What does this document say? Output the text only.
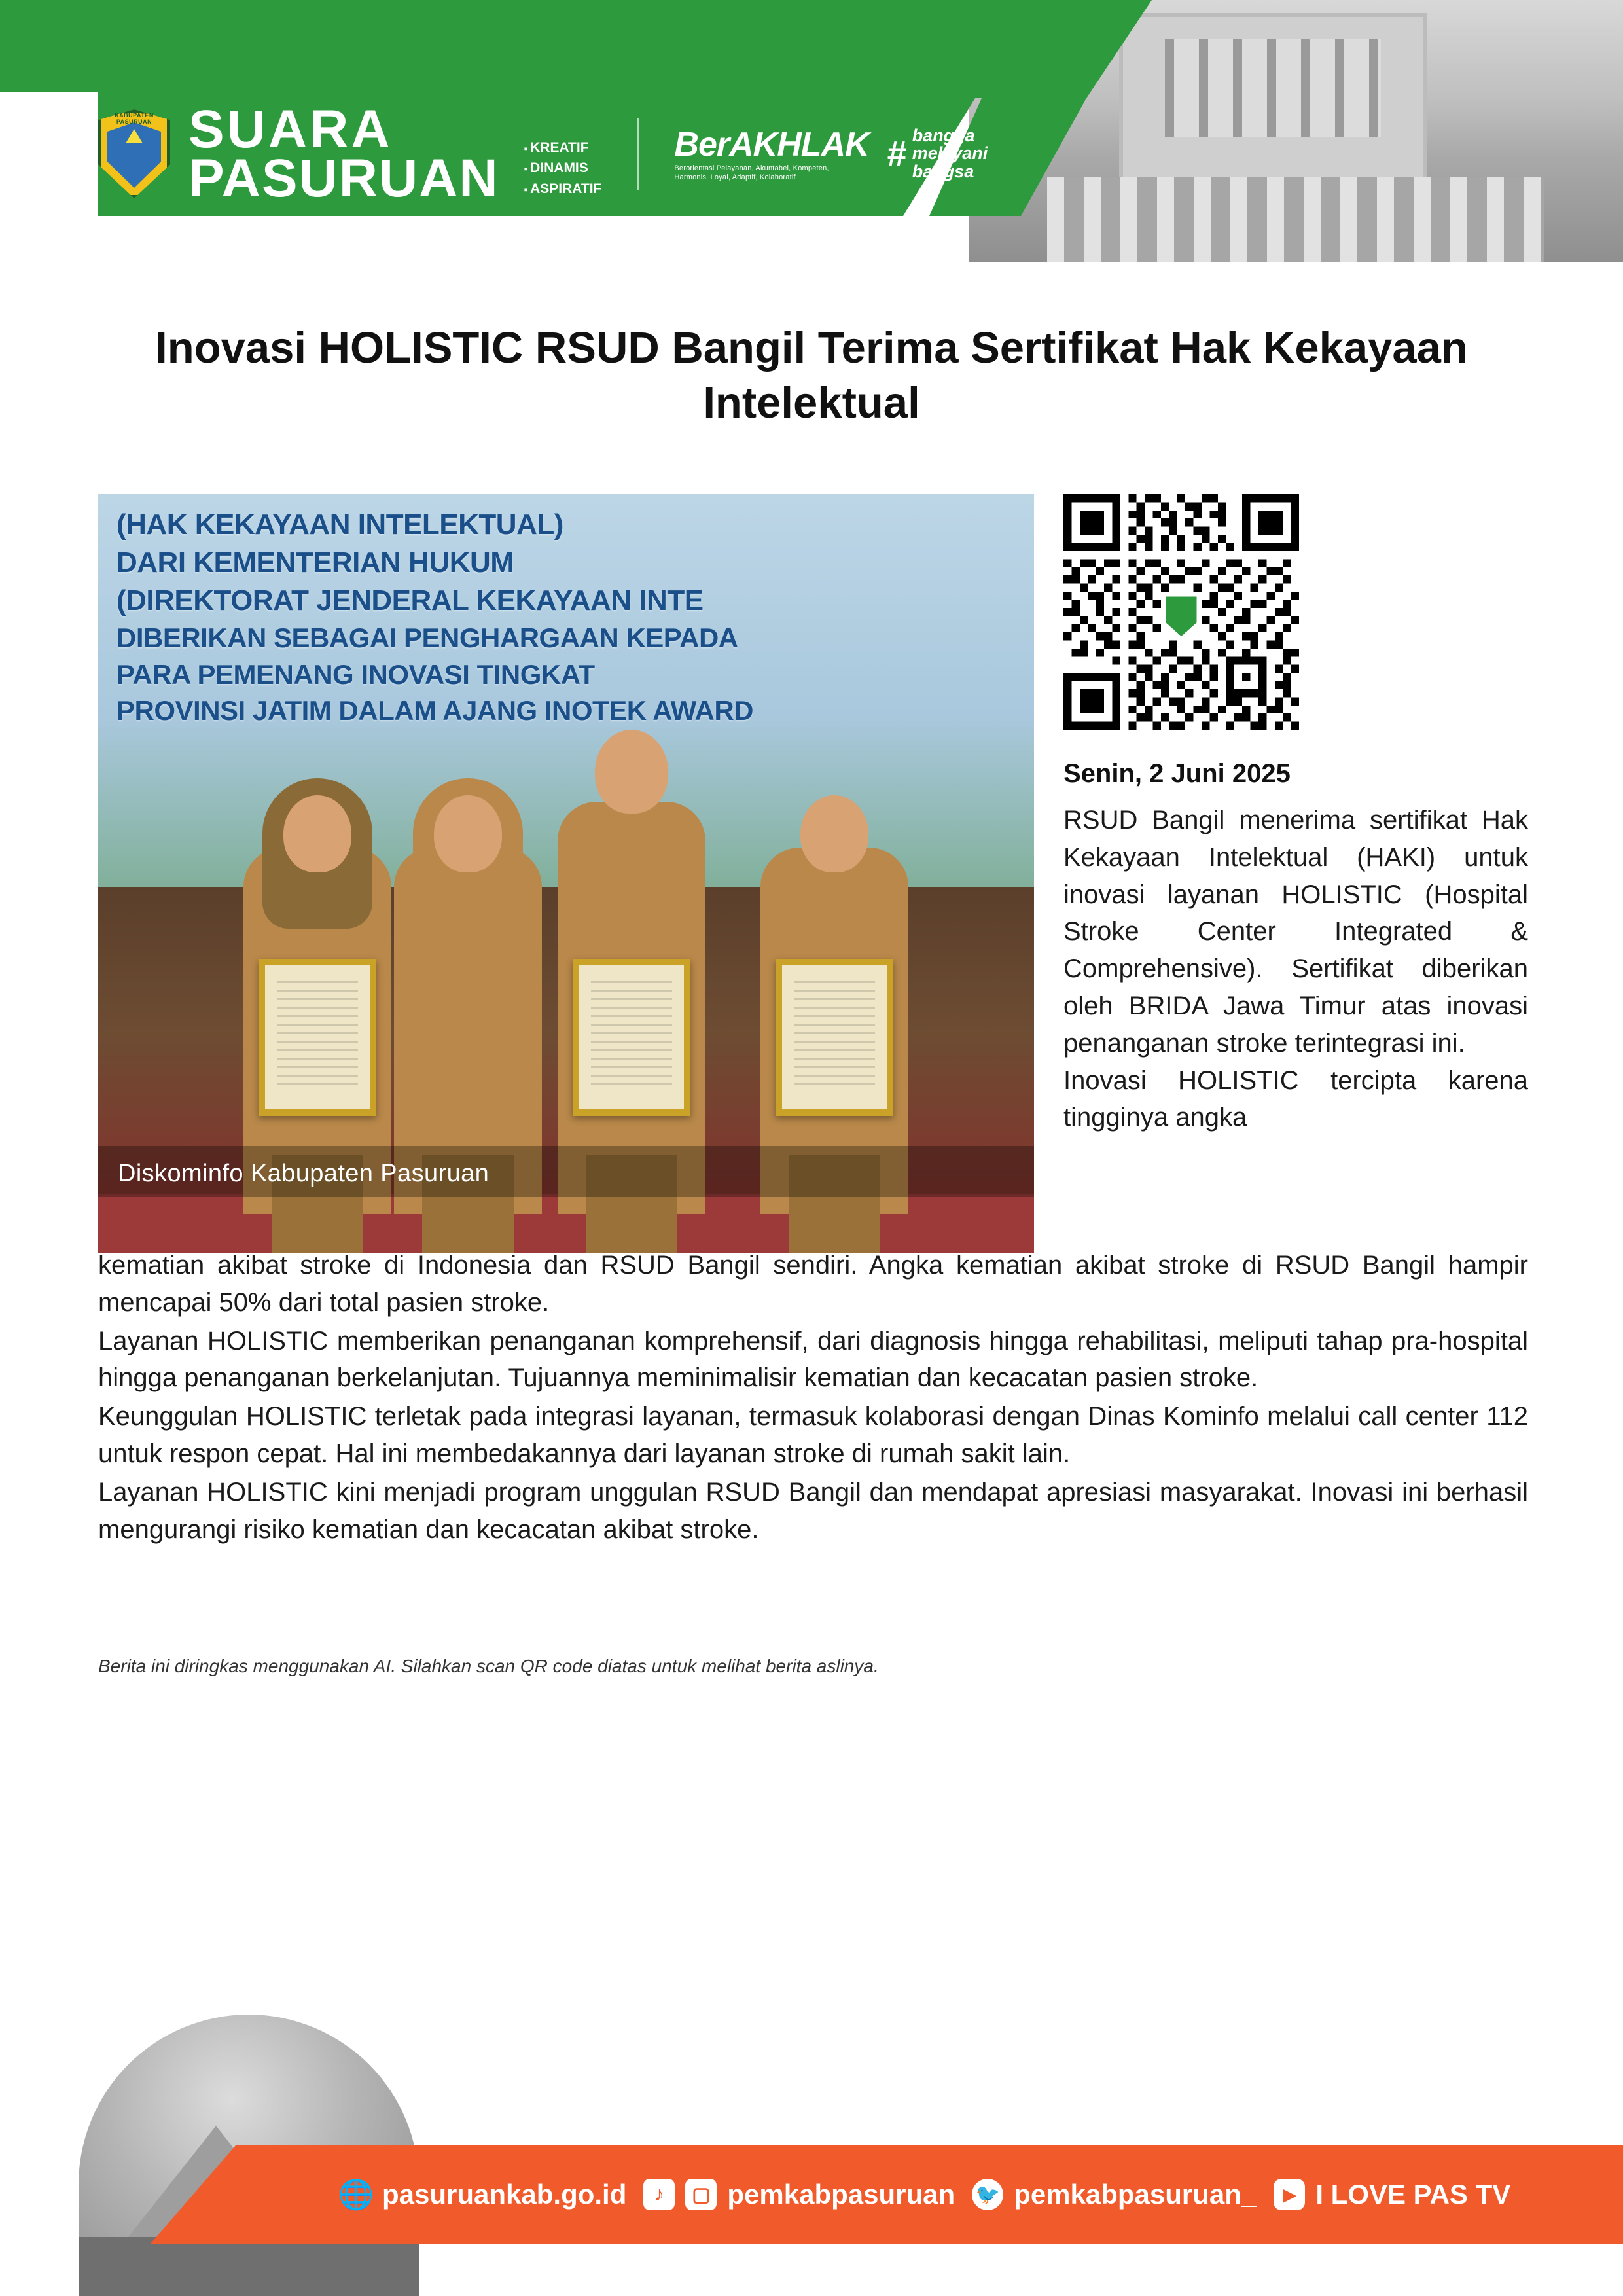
KABUPATEN PASURUAN SUARA
PASURUAN
▪ KREATIF
▪ DINAMIS
▪ ASPIRATIF
BerAKHLAK
Berorientasi Pelayanan, Akuntabel, Kompeten, Harmonis, Loyal, Adaptif, Kolaboratif
# bangga
melayani
bangsa
Inovasi HOLISTIC RSUD Bangil Terima Sertifikat Hak Kekayaan Intelektual
(HAK KEKAYAAN INTELEKTUAL)
DARI KEMENTERIAN HUKUM
(DIREKTORAT JENDERAL KEKAYAAN INTE
DIBERIKAN SEBAGAI PENGHARGAAN KEPADA
PARA PEMENANG INOVASI TINGKAT
PROVINSI JATIM DALAM AJANG INOTEK AWARD
Diskominfo Kabupaten Pasuruan
Senin, 2 Juni 2025

RSUD Bangil menerima sertifikat Hak Kekayaan Intelektual (HAKI) untuk inovasi layanan HOLISTIC (Hospital Stroke Center Integrated & Comprehensive). Sertifikat diberikan oleh BRIDA Jawa Timur atas inovasi penanganan stroke terintegrasi ini.

Inovasi HOLISTIC tercipta karena tingginya angka

kematian akibat stroke di Indonesia dan RSUD Bangil sendiri. Angka kematian akibat stroke di RSUD Bangil hampir mencapai 50% dari total pasien stroke.

Layanan HOLISTIC memberikan penanganan komprehensif, dari diagnosis hingga rehabilitasi, meliputi tahap pra-hospital hingga penanganan berkelanjutan. Tujuannya meminimalisir kematian dan kecacatan pasien stroke.

Keunggulan HOLISTIC terletak pada integrasi layanan, termasuk kolaborasi dengan Dinas Kominfo melalui call center 112 untuk respon cepat. Hal ini membedakannya dari layanan stroke di rumah sakit lain.

Layanan HOLISTIC kini menjadi program unggulan RSUD Bangil dan mendapat apresiasi masyarakat. Inovasi ini berhasil mengurangi risiko kematian dan kecacatan akibat stroke.

Berita ini diringkas menggunakan AI. Silahkan scan QR code diatas untuk melihat berita aslinya.
🌐 pasuruankab.go.id	♪	▢ pemkabpasuruan 🐦 pemkabpasuruan_	▶ I LOVE PAS TV
